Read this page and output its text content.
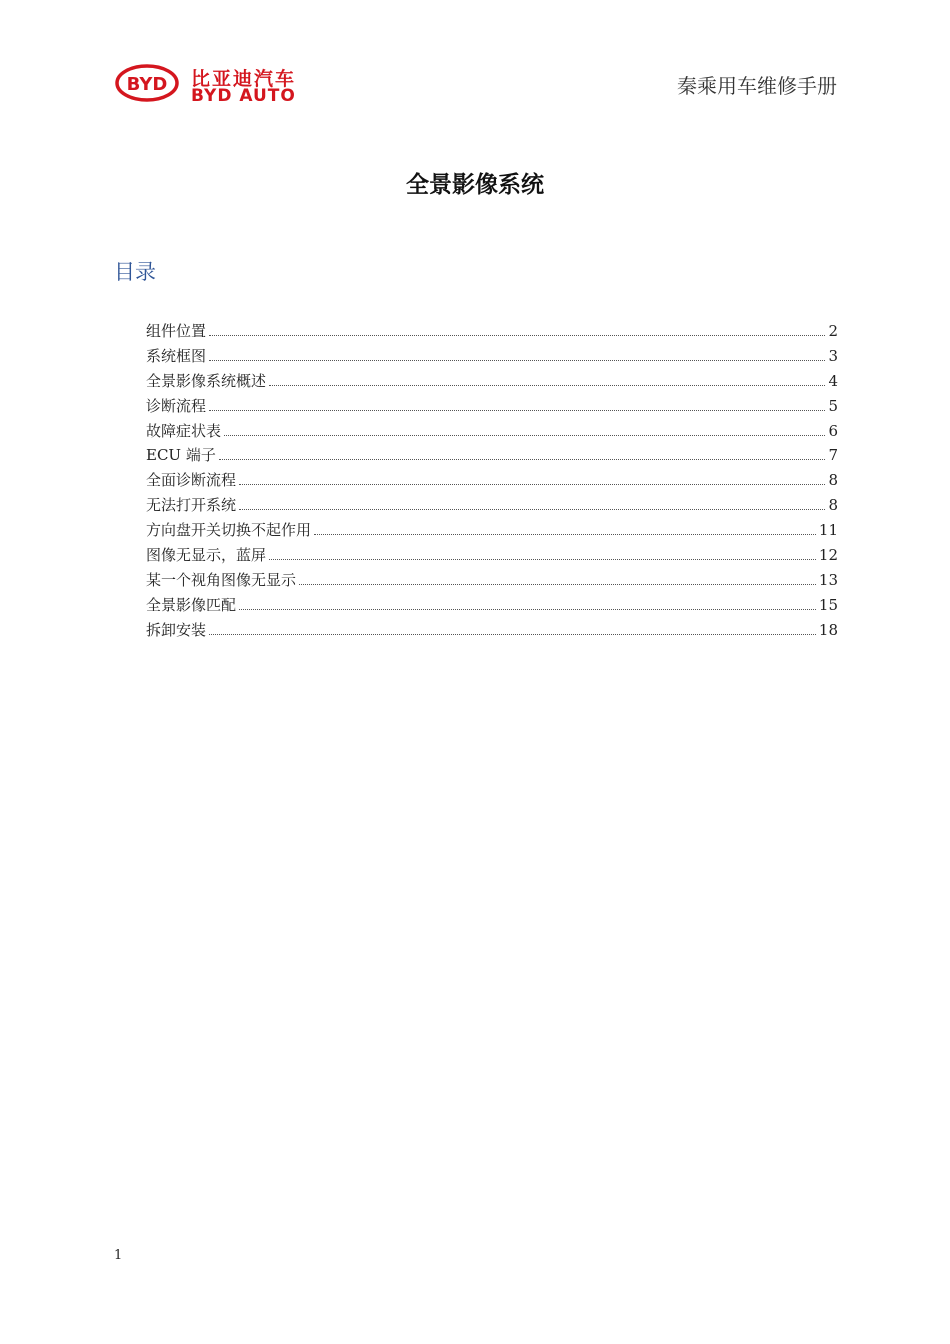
BYD 比亚迪汽车
BYD AUTO	秦乘用车维修手册
全景影像系统
目录
组件位置	2
系统框图	3
全景影像系统概述	4
诊断流程	5
故障症状表	6
ECU 端子	7
全面诊断流程	8
无法打开系统	8
方向盘开关切换不起作用	11
图像无显示，蓝屏	12
某一个视角图像无显示	13
全景影像匹配	15
拆卸安装	18
1
